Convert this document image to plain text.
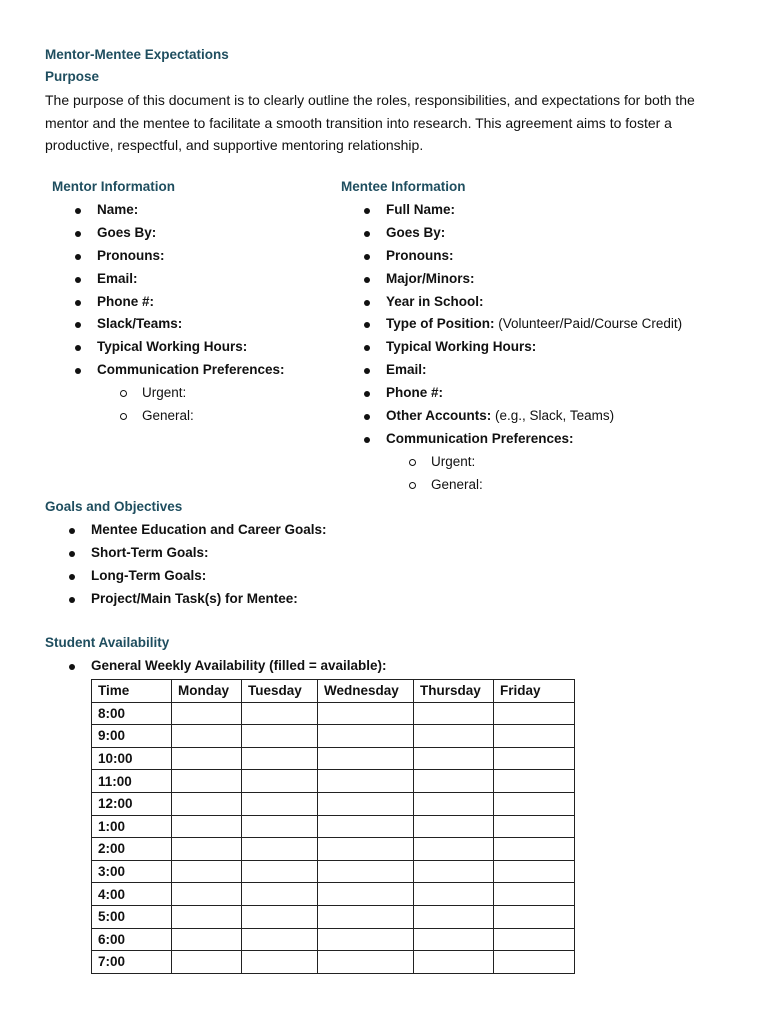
Mentor-Mentee Expectations
Purpose
The purpose of this document is to clearly outline the roles, responsibilities, and expectations for both the mentor and the mentee to facilitate a smooth transition into research. This agreement aims to foster a productive, respectful, and supportive mentoring relationship.
Mentor Information
Name:
Goes By:
Pronouns:
Email:
Phone #:
Slack/Teams:
Typical Working Hours:
Communication Preferences:
Urgent:
General:
Mentee Information
Full Name:
Goes By:
Pronouns:
Major/Minors:
Year in School:
Type of Position: (Volunteer/Paid/Course Credit)
Typical Working Hours:
Email:
Phone #:
Other Accounts: (e.g., Slack, Teams)
Communication Preferences:
Urgent:
General:
Goals and Objectives
Mentee Education and Career Goals:
Short-Term Goals:
Long-Term Goals:
Project/Main Task(s) for Mentee:
Student Availability
General Weekly Availability (filled = available):
Time	Monday	Tuesday	Wednesday	Thursday	Friday
8:00					
9:00					
10:00					
11:00					
12:00					
1:00					
2:00					
3:00					
4:00					
5:00					
6:00					
7:00					
